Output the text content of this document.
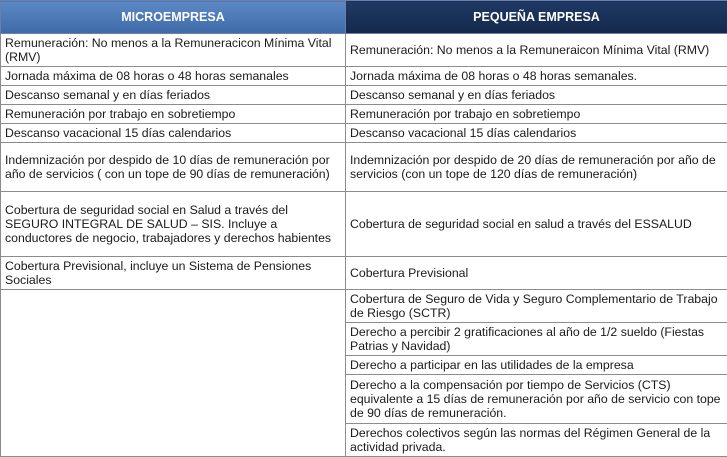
MICROEMPRESA	PEQUEÑA EMPRESA
Remuneración: No menos a la Remuneracicon Mínima Vital (RMV)	Remuneración: No menos a la Remuneraicon Mínima Vital (RMV)
Jornada máxima de 08 horas o 48 horas semanales	Jornada máxima de 08 horas o 48 horas semanales.
Descanso semanal y en días feriados	Descanso semanal y en días feriados
Remuneración por trabajo en sobretiempo	Remuneración por trabajo en sobretiempo
Descanso vacacional 15 días calendarios	Descanso vacacional 15 días calendarios
Indemnización por despido de 10 días de remuneración por año de servicios ( con un tope de 90 días de remuneración)	Indemnización por despido de 20 días de remuneración por año de servicios (con un tope de 120 días de remuneración)
Cobertura de seguridad social en Salud a través del SEGURO INTEGRAL DE SALUD – SIS. Incluye a conductores de negocio, trabajadores y derechos habientes	Cobertura de seguridad social en salud a través del ESSALUD
Cobertura Previsional, incluye un Sistema de Pensiones Sociales	Cobertura Previsional
	Cobertura de Seguro de Vida y Seguro Complementario de Trabajo de Riesgo (SCTR)
	Derecho a percibir 2 gratificaciones al año de 1/2 sueldo (Fiestas Patrias y Navidad)
	Derecho a participar en las utilidades de la empresa
	Derecho a la compensación por tiempo de Servicios (CTS) equivalente a 15 días de remuneración por año de servicio con tope de 90 días de remuneración.
	Derechos colectivos según las normas del Régimen General de la actividad privada.
